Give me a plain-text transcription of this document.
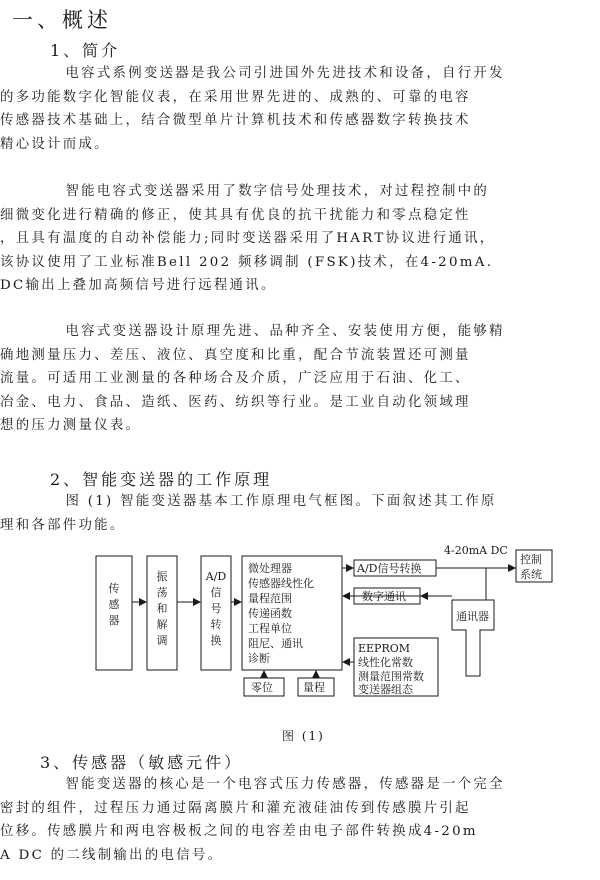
一、概述
1、简介

电容式系例变送器是我公司引进国外先进技术和设备，自行开发

的多功能数字化智能仪表，在采用世界先进的、成熟的、可靠的电容

传感器技术基础上，结合微型单片计算机技术和传感器数字转换技术

精心设计而成。

智能电容式变送器采用了数字信号处理技术，对过程控制中的

细微变化进行精确的修正，使其具有优良的抗干扰能力和零点稳定性

，且具有温度的自动补偿能力;同时变送器采用了HART协议进行通讯，

该协议使用了工业标准Bell 202 频移调制 (FSK)技术，在4-20mA.

DC输出上叠加高频信号进行远程通讯。

电容式变送器设计原理先进、品种齐全、安装使用方便，能够精

确地测量压力、差压、液位、真空度和比重，配合节流装置还可测量

流量。可适用工业测量的各种场合及介质，广泛应用于石油、化工、

冶金、电力、食品、造纸、医药、纺织等行业。是工业自动化领域理

想的压力测量仪表。

2、智能变送器的工作原理

图 (1) 智能变送器基本工作原理电气框图。下面叙述其工作原

理和各部件功能。

传
感
器
振
荡
和
解
调
A/D
信
号
转
换
微处理器
传感器线性化
量程范围
传递函数
工程单位
阻尼、通讯
诊断
A/D信号转换
数字通讯
4-20mA DC
控制
系统
通讯器
EEPROM
线性化常数
测量范围常数
变送器组态
零位	量程
图 (1)
3、传感器（敏感元件）

智能变送器的核心是一个电容式压力传感器，传感器是一个完全

密封的组件，过程压力通过隔离膜片和灌充液硅油传到传感膜片引起

位移。传感膜片和两电容极板之间的电容差由电子部件转换成4-20m

A DC 的二线制输出的电信号。
